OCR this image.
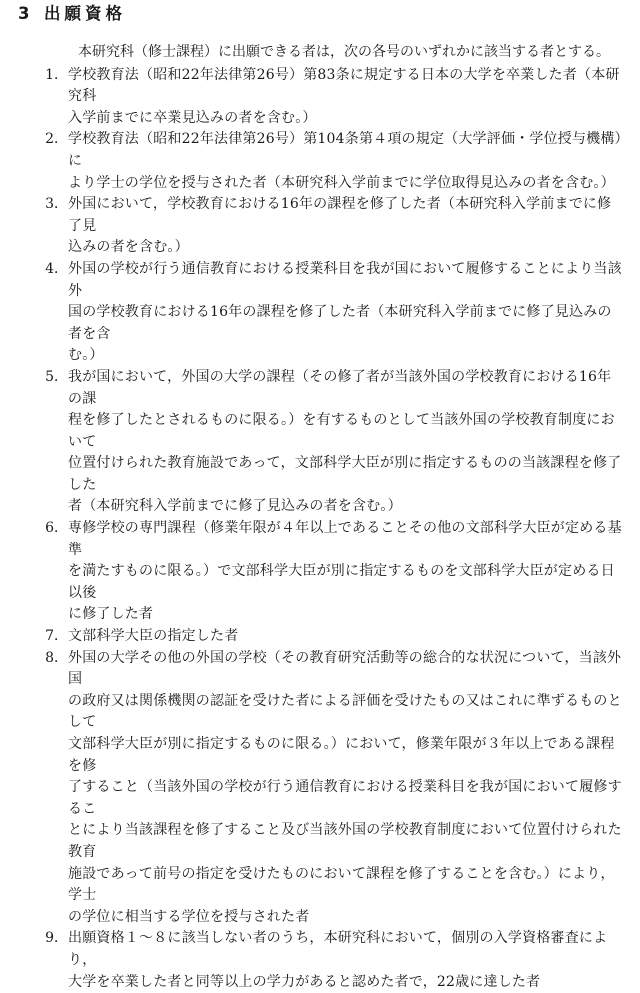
3 出願資格

本研究科（修士課程）に出願できる者は，次の各号のいずれかに該当する者とする。

1． 学校教育法（昭和22年法律第26号）第83条に規定する日本の大学を卒業した者（本研究科
入学前までに卒業見込みの者を含む。）
2． 学校教育法（昭和22年法律第26号）第104条第４項の規定（大学評価・学位授与機構）に
より学士の学位を授与された者（本研究科入学前までに学位取得見込みの者を含む。）
3． 外国において，学校教育における16年の課程を修了した者（本研究科入学前までに修了見
込みの者を含む。）
4． 外国の学校が行う通信教育における授業科目を我が国において履修することにより当該外
国の学校教育における16年の課程を修了した者（本研究科入学前までに修了見込みの者を含
む。）
5． 我が国において，外国の大学の課程（その修了者が当該外国の学校教育における16年の課
程を修了したとされるものに限る。）を有するものとして当該外国の学校教育制度において
位置付けられた教育施設であって，文部科学大臣が別に指定するものの当該課程を修了した
者（本研究科入学前までに修了見込みの者を含む。）
6． 専修学校の専門課程（修業年限が４年以上であることその他の文部科学大臣が定める基準
を満たすものに限る。）で文部科学大臣が別に指定するものを文部科学大臣が定める日以後
に修了した者
7． 文部科学大臣の指定した者
8． 外国の大学その他の外国の学校（その教育研究活動等の総合的な状況について，当該外国
の政府又は関係機関の認証を受けた者による評価を受けたもの又はこれに準ずるものとして
文部科学大臣が別に指定するものに限る。）において，修業年限が３年以上である課程を修
了すること（当該外国の学校が行う通信教育における授業科目を我が国において履修するこ
とにより当該課程を修了すること及び当該外国の学校教育制度において位置付けられた教育
施設であって前号の指定を受けたものにおいて課程を修了することを含む。）により，学士
の学位に相当する学位を授与された者
9． 出願資格１～８に該当しない者のうち，本研究科において，個別の入学資格審査により，
大学を卒業した者と同等以上の学力があると認めた者で，22歳に達した者
